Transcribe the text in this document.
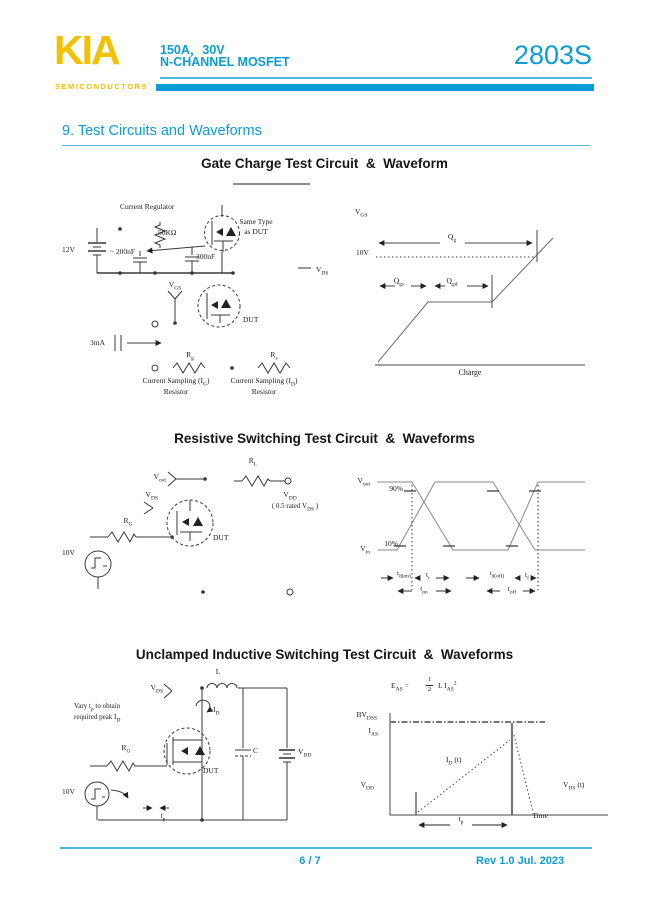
KIA
SEMICONDUCTORS
150A，30V
N-CHANNEL MOSFET	2803S
9. Test Circuits and Waveforms
Gate Charge Test Circuit  &  Waveform
Resistive Switching Test Circuit  &  Waveforms
Unclamped Inductive Switching Test Circuit  &  Waveforms
Current Regulator
50KΩ
~ 200nF
300nF
12V
Same Type
as DUT
$V_{GS}$
DUT
3mA
$R_g$	$R_s$
Current Sampling $(I_G)$
Resistor
Current Sampling $(I_D)$
Resistor
$V_{DS}$
$V_{GS}$
$Q_g$
10V
$Q_{gs}$	$Q_{gd}$
Charge
$V_{out}$
$R_L$
$V_{DD}$
( 0.5 rated $V_{DS}$ )
$V_{DS}$
$R_G$
DUT
10V
$V_{out}$	90%
$V_{in}$
10%
$t_{d(on)}$ $t_r$
$t_{on}$
$t_{d(off)}$	$t_f$
$t_{off}$
$V_{DS}$
L
$I_D$
Vary $t_p$ to obtain
required peak $I_D$
$R_G$
DUT
C	$V_{DD}$
10V
$t_p$
$E_{AS}$ =
1
2 L $I_{AS}^2$
$BV_{DSS}$
$I_{AS}$
$I_D$ (t)
$V_{DD}$	$V_{DS}$ (t)
Time
$t_p$
6 / 7	Rev 1.0 Jul. 2023
